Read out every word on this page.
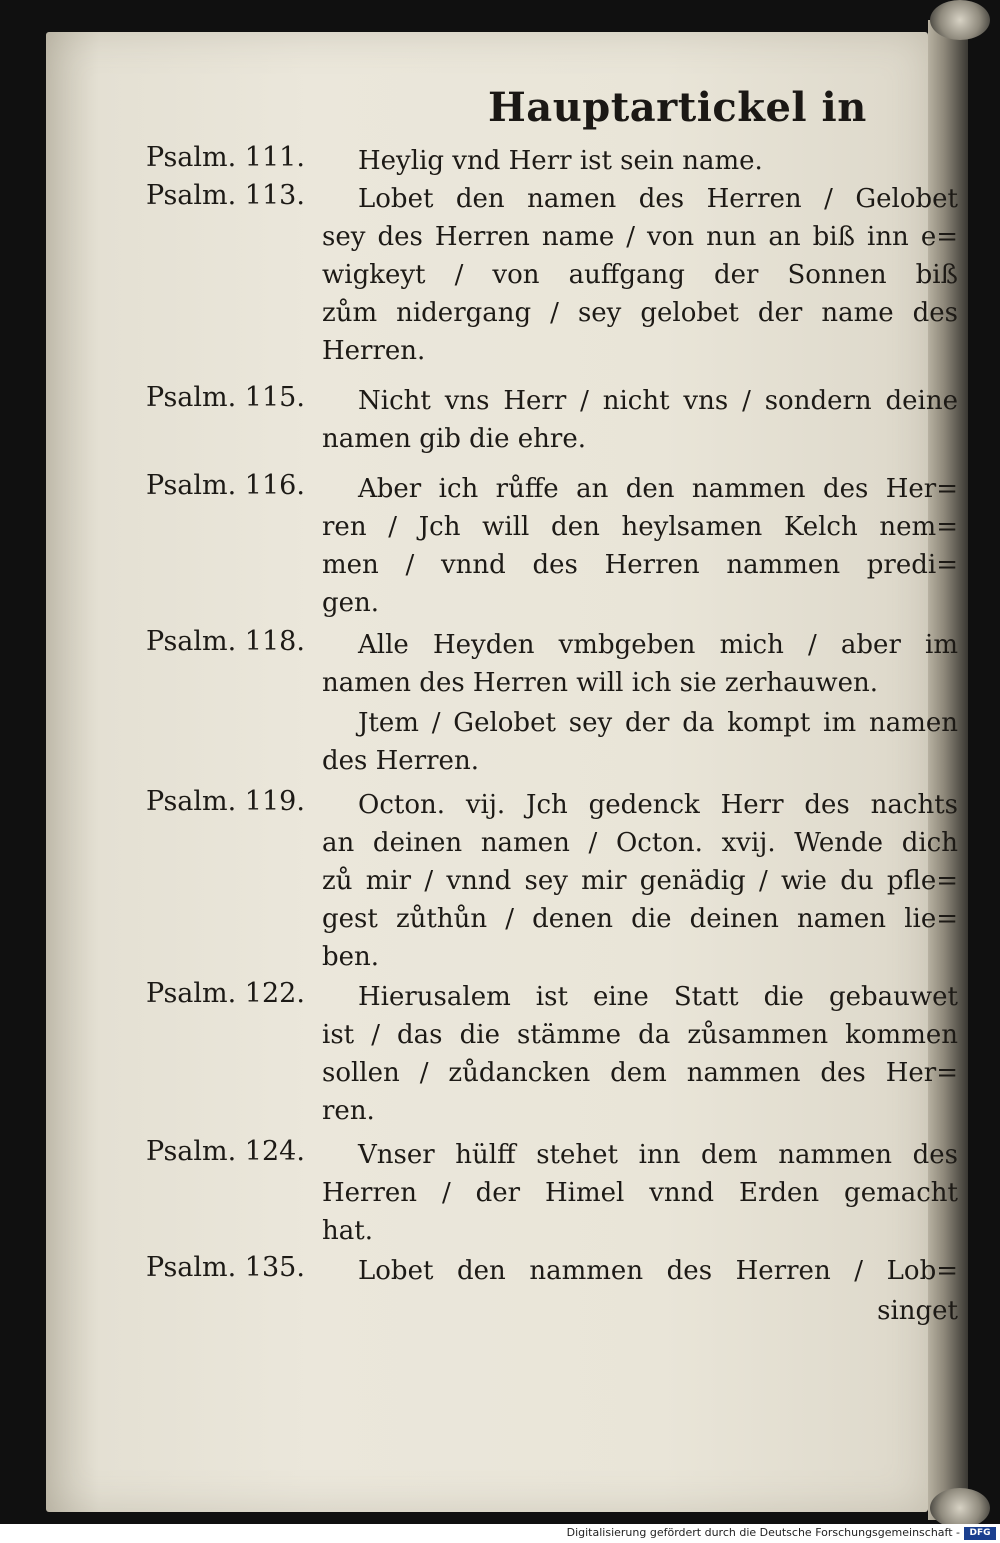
Hauptartickel in
Psalm. 111. Heylig vnd Herr ist sein name.
Psalm. 113. Lobet den namen des Herren / Gelobet
sey des Herren name / von nun an biß inn e=
wigkeyt / von auffgang der Sonnen biß
zům nidergang / sey gelobet der name des
Herren.
Psalm. 115. Nicht vns Herr / nicht vns / sondern deine
namen gib die ehre.
Psalm. 116. Aber ich růffe an den nammen des Her=
ren / Jch will den heylsamen Kelch nem=
men / vnnd des Herren nammen predi=
gen.
Psalm. 118. Alle Heyden vmbgeben mich / aber im
namen des Herren will ich sie zerhauwen.
Jtem / Gelobet sey der da kompt im namen
des Herren.
Psalm. 119. Octon. vij. Jch gedenck Herr des nachts
an deinen namen / Octon. xvij. Wende dich
zů mir / vnnd sey mir genädig / wie du pfle=
gest zůthůn / denen die deinen namen lie=
ben.
Psalm. 122. Hierusalem ist eine Statt die gebauwet
ist / das die stämme da zůsammen kommen
sollen / zůdancken dem nammen des Her=
ren.
Psalm. 124. Vnser hülff stehet inn dem nammen des
Herren / der Himel vnnd Erden gemacht
hat.
Psalm. 135. Lobet den nammen des Herren / Lob=
singet
Digitalisierung gefördert durch die Deutsche Forschungsgemeinschaft -	DFG
